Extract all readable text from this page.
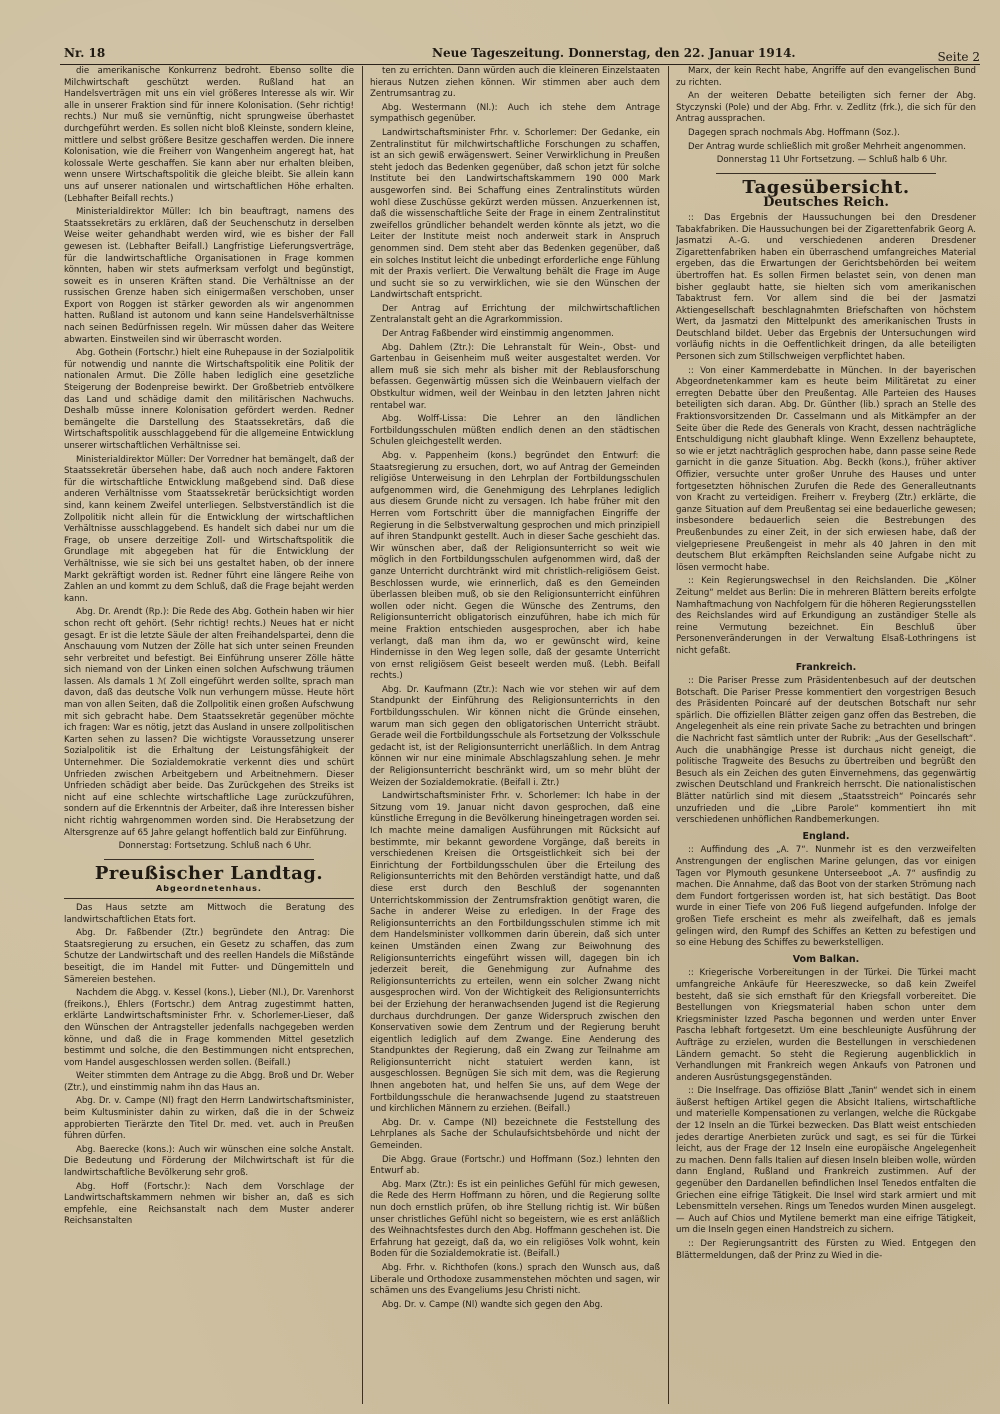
Nr. 18	Neue Tageszeitung. Donnerstag, den 22. Januar 1914.	Seite 2

die amerikanische Konkurrenz bedroht. Ebenso sollte die Milchwirtschaft geschützt werden. Rußland hat an Handelsverträgen mit uns ein viel größeres Interesse als wir. Wir alle in unserer Fraktion sind für innere Kolonisation. (Sehr richtig! rechts.) Nur muß sie vernünftig, nicht sprungweise überhastet durchgeführt werden. Es sollen nicht bloß Kleinste, sondern kleine, mittlere und selbst größere Besitze geschaffen werden. Die innere Kolonisation, wie die Freiherr von Wangenheim angeregt hat, hat kolossale Werte geschaffen. Sie kann aber nur erhalten bleiben, wenn unsere Wirtschaftspolitik die gleiche bleibt. Sie allein kann uns auf unserer nationalen und wirtschaftlichen Höhe erhalten. (Lebhafter Beifall rechts.)

Ministerialdirektor Müller: Ich bin beauftragt, namens des Staatssekretärs zu erklären, daß der Seuchenschutz in derselben Weise weiter gehandhabt werden wird, wie es bisher der Fall gewesen ist. (Lebhafter Beifall.) Langfristige Lieferungsverträge, für die landwirtschaftliche Organisationen in Frage kommen könnten, haben wir stets aufmerksam verfolgt und begünstigt, soweit es in unseren Kräften stand. Die Verhältnisse an der russischen Grenze haben sich einigermaßen verschoben, unser Export von Roggen ist stärker geworden als wir angenommen hatten. Rußland ist autonom und kann seine Handelsverhältnisse nach seinen Bedürfnissen regeln. Wir müssen daher das Weitere abwarten. Einstweilen sind wir überrascht worden.

Abg. Gothein (Fortschr.) hielt eine Ruhepause in der Sozialpolitik für notwendig und nannte die Wirtschaftspolitik eine Politik der nationalen Armut. Die Zölle haben lediglich eine gesetzliche Steigerung der Bodenpreise bewirkt. Der Großbetrieb entvölkere das Land und schädige damit den militärischen Nachwuchs. Deshalb müsse innere Kolonisation gefördert werden. Redner bemängelte die Darstellung des Staatssekretärs, daß die Wirtschaftspolitik ausschlaggebend für die allgemeine Entwicklung unserer wirtschaftlichen Verhältnisse sei.

Ministerialdirektor Müller: Der Vorredner hat bemängelt, daß der Staatssekretär übersehen habe, daß auch noch andere Faktoren für die wirtschaftliche Entwicklung maßgebend sind. Daß diese anderen Verhältnisse vom Staatssekretär berücksichtigt worden sind, kann keinem Zweifel unterliegen. Selbstverständlich ist die Zollpolitik nicht allein für die Entwicklung der wirtschaftlichen Verhältnisse ausschlaggebend. Es handelt sich dabei nur um die Frage, ob unsere derzeitige Zoll- und Wirtschaftspolitik die Grundlage mit abgegeben hat für die Entwicklung der Verhältnisse, wie sie sich bei uns gestaltet haben, ob der innere Markt gekräftigt worden ist. Redner führt eine längere Reihe von Zahlen an und kommt zu dem Schluß, daß die Frage bejaht werden kann.

Abg. Dr. Arendt (Rp.): Die Rede des Abg. Gothein haben wir hier schon recht oft gehört. (Sehr richtig! rechts.) Neues hat er nicht gesagt. Er ist die letzte Säule der alten Freihandelspartei, denn die Anschauung vom Nutzen der Zölle hat sich unter seinen Freunden sehr verbreitet und befestigt. Bei Einführung unserer Zölle hätte sich niemand von der Linken einen solchen Aufschwung träumen lassen. Als damals 1 ℳ Zoll eingeführt werden sollte, sprach man davon, daß das deutsche Volk nun verhungern müsse. Heute hört man von allen Seiten, daß die Zollpolitik einen großen Aufschwung mit sich gebracht habe. Dem Staatssekretär gegenüber möchte ich fragen: War es nötig, jetzt das Ausland in unsere zollpolitischen Karten sehen zu lassen? Die wichtigste Voraussetzung unserer Sozialpolitik ist die Erhaltung der Leistungsfähigkeit der Unternehmer. Die Sozialdemokratie verkennt dies und schürt Unfrieden zwischen Arbeitgebern und Arbeitnehmern. Dieser Unfrieden schädigt aber beide. Das Zurückgehen des Streiks ist nicht auf eine schlechte wirtschaftliche Lage zurückzuführen, sondern auf die Erkenntnis der Arbeiter, daß ihre Interessen bisher nicht richtig wahrgenommen worden sind. Die Herabsetzung der Altersgrenze auf 65 Jahre gelangt hoffentlich bald zur Einführung.

Donnerstag: Fortsetzung. Schluß nach 6 Uhr.

Preußischer Landtag.
Abgeordnetenhaus.

Das Haus setzte am Mittwoch die Beratung des landwirtschaftlichen Etats fort.

Abg. Dr. Faßbender (Ztr.) begründete den Antrag: Die Staatsregierung zu ersuchen, ein Gesetz zu schaffen, das zum Schutze der Landwirtschaft und des reellen Handels die Mißstände beseitigt, die im Handel mit Futter- und Düngemitteln und Sämereien bestehen.

Nachdem die Abgg. v. Kessel (kons.), Lieber (Nl.), Dr. Varenhorst (freikons.), Ehlers (Fortschr.) dem Antrag zugestimmt hatten, erklärte Landwirtschaftsminister Frhr. v. Schorlemer-Lieser, daß den Wünschen der Antragsteller jedenfalls nachgegeben werden könne, und daß die in Frage kommenden Mittel gesetzlich bestimmt und solche, die den Bestimmungen nicht entsprechen, vom Handel ausgeschlossen werden sollen. (Beifall.)

Weiter stimmten dem Antrage zu die Abgg. Broß und Dr. Weber (Ztr.), und einstimmig nahm ihn das Haus an.

Abg. Dr. v. Campe (Nl) fragt den Herrn Landwirtschaftsminister, beim Kultusminister dahin zu wirken, daß die in der Schweiz approbierten Tierärzte den Titel Dr. med. vet. auch in Preußen führen dürfen.

Abg. Baerecke (kons.): Auch wir wünschen eine solche Anstalt. Die Bedeutung und Förderung der Milchwirtschaft ist für die landwirtschaftliche Bevölkerung sehr groß.

Abg. Hoff (Fortschr.): Nach dem Vorschlage der Landwirtschaftskammern nehmen wir bisher an, daß es sich empfehle, eine Reichsanstalt nach dem Muster anderer Reichsanstalten

ten zu errichten. Dann würden auch die kleineren Einzelstaaten hieraus Nutzen ziehen können. Wir stimmen aber auch dem Zentrumsantrag zu.

Abg. Westermann (Nl.): Auch ich stehe dem Antrage sympathisch gegenüber.

Landwirtschaftsminister Frhr. v. Schorlemer: Der Gedanke, ein Zentralinstitut für milchwirtschaftliche Forschungen zu schaffen, ist an sich gewiß erwägenswert. Seiner Verwirklichung in Preußen steht jedoch das Bedenken gegenüber, daß schon jetzt für solche Institute bei den Landwirtschaftskammern 190 000 Mark ausgeworfen sind. Bei Schaffung eines Zentralinstituts würden wohl diese Zuschüsse gekürzt werden müssen. Anzuerkennen ist, daß die wissenschaftliche Seite der Frage in einem Zentralinstitut zweifellos gründlicher behandelt werden könnte als jetzt, wo die Leiter der Institute meist noch anderweit stark in Anspruch genommen sind. Dem steht aber das Bedenken gegenüber, daß ein solches Institut leicht die unbedingt erforderliche enge Fühlung mit der Praxis verliert. Die Verwaltung behält die Frage im Auge und sucht sie so zu verwirklichen, wie sie den Wünschen der Landwirtschaft entspricht.

Der Antrag auf Errichtung der milchwirtschaftlichen Zentralanstalt geht an die Agrarkommission.

Der Antrag Faßbender wird einstimmig angenommen.

Abg. Dahlem (Ztr.): Die Lehranstalt für Wein-, Obst- und Gartenbau in Geisenheim muß weiter ausgestaltet werden. Vor allem muß sie sich mehr als bisher mit der Reblausforschung befassen. Gegenwärtig müssen sich die Weinbauern vielfach der Obstkultur widmen, weil der Weinbau in den letzten Jahren nicht rentabel war.

Abg. Wolff-Lissa: Die Lehrer an den ländlichen Fortbildungsschulen müßten endlich denen an den städtischen Schulen gleichgestellt werden.

Abg. v. Pappenheim (kons.) begründet den Entwurf: die Staatsregierung zu ersuchen, dort, wo auf Antrag der Gemeinden religiöse Unterweisung in den Lehrplan der Fortbildungsschulen aufgenommen wird, die Genehmigung des Lehrplanes lediglich aus diesem Grunde nicht zu versagen. Ich habe früher mit den Herren vom Fortschritt über die mannigfachen Eingriffe der Regierung in die Selbstverwaltung gesprochen und mich prinzipiell auf ihren Standpunkt gestellt. Auch in dieser Sache geschieht das. Wir wünschen aber, daß der Religionsunterricht so weit wie möglich in den Fortbildungsschulen aufgenommen wird, daß der ganze Unterricht durchtränkt wird mit christlich-religiösem Geist. Beschlossen wurde, wie erinnerlich, daß es den Gemeinden überlassen bleiben muß, ob sie den Religionsunterricht einführen wollen oder nicht. Gegen die Wünsche des Zentrums, den Religionsunterricht obligatorisch einzuführen, habe ich mich für meine Fraktion entschieden ausgesprochen, aber ich habe verlangt, daß man ihm da, wo er gewünscht wird, keine Hindernisse in den Weg legen solle, daß der gesamte Unterricht von ernst religiösem Geist beseelt werden muß. (Lebh. Beifall rechts.)

Abg. Dr. Kaufmann (Ztr.): Nach wie vor stehen wir auf dem Standpunkt der Einführung des Religionsunterrichts in den Fortbildungsschulen. Wir können nicht die Gründe einsehen, warum man sich gegen den obligatorischen Unterricht sträubt. Gerade weil die Fortbildungsschule als Fortsetzung der Volksschule gedacht ist, ist der Religionsunterricht unerläßlich. In dem Antrag können wir nur eine minimale Abschlagszahlung sehen. Je mehr der Religionsunterricht beschränkt wird, um so mehr blüht der Weizen der Sozialdemokratie. (Beifall i. Ztr.)

Landwirtschaftsminister Frhr. v. Schorlemer: Ich habe in der Sitzung vom 19. Januar nicht davon gesprochen, daß eine künstliche Erregung in die Bevölkerung hineingetragen worden sei. Ich machte meine damaligen Ausführungen mit Rücksicht auf bestimmte, mir bekannt gewordene Vorgänge, daß bereits in verschiedenen Kreisen die Ortsgeistlichkeit sich bei der Einrichtung der Fortbildungsschulen über die Erteilung des Religionsunterrichts mit den Behörden verständigt hatte, und daß diese erst durch den Beschluß der sogenannten Unterrichtskommission der Zentrumsfraktion genötigt waren, die Sache in anderer Weise zu erledigen. In der Frage des Religionsunterrichts an den Fortbildungsschulen stimme ich mit dem Handelsminister vollkommen darin überein, daß sich unter keinen Umständen einen Zwang zur Beiwohnung des Religionsunterrichts eingeführt wissen will, dagegen bin ich jederzeit bereit, die Genehmigung zur Aufnahme des Religionsunterrichts zu erteilen, wenn ein solcher Zwang nicht ausgesprochen wird. Von der Wichtigkeit des Religionsunterrichts bei der Erziehung der heranwachsenden Jugend ist die Regierung durchaus durchdrungen. Der ganze Widerspruch zwischen den Konservativen sowie dem Zentrum und der Regierung beruht eigentlich lediglich auf dem Zwange. Eine Aenderung des Standpunktes der Regierung, daß ein Zwang zur Teilnahme am Religionsunterricht nicht statuiert werden kann, ist ausgeschlossen. Begnügen Sie sich mit dem, was die Regierung Ihnen angeboten hat, und helfen Sie uns, auf dem Wege der Fortbildungsschule die heranwachsende Jugend zu staatstreuen und kirchlichen Männern zu erziehen. (Beifall.)

Abg. Dr. v. Campe (Nl) bezeichnete die Feststellung des Lehrplanes als Sache der Schulaufsichtsbehörde und nicht der Gemeinden.

Die Abgg. Graue (Fortschr.) und Hoffmann (Soz.) lehnten den Entwurf ab.

Abg. Marx (Ztr.): Es ist ein peinliches Gefühl für mich gewesen, die Rede des Herrn Hoffmann zu hören, und die Regierung sollte nun doch ernstlich prüfen, ob ihre Stellung richtig ist. Wir büßen unser christliches Gefühl nicht so begeistern, wie es erst anläßlich des Weihnachtsfestes durch den Abg. Hoffmann geschehen ist. Die Erfahrung hat gezeigt, daß da, wo ein religiöses Volk wohnt, kein Boden für die Sozialdemokratie ist. (Beifall.)

Abg. Frhr. v. Richthofen (kons.) sprach den Wunsch aus, daß Liberale und Orthodoxe zusammenstehen möchten und sagen, wir schämen uns des Evangeliums Jesu Christi nicht.

Abg. Dr. v. Campe (Nl) wandte sich gegen den Abg.

Marx, der kein Recht habe, Angriffe auf den evangelischen Bund zu richten.

An der weiteren Debatte beteiligten sich ferner der Abg. Styczynski (Pole) und der Abg. Frhr. v. Zedlitz (frk.), die sich für den Antrag aussprachen.

Dagegen sprach nochmals Abg. Hoffmann (Soz.).

Der Antrag wurde schließlich mit großer Mehrheit angenommen.

Donnerstag 11 Uhr Fortsetzung. — Schluß halb 6 Uhr.

Tagesübersicht.
Deutsches Reich.

:: Das Ergebnis der Haussuchungen bei den Dresdener Tabakfabriken. Die Haussuchungen bei der Zigarettenfabrik Georg A. Jasmatzi A.-G. und verschiedenen anderen Dresdener Zigarettenfabriken haben ein überraschend umfangreiches Material ergeben, das die Erwartungen der Gerichtsbehörden bei weitem übertroffen hat. Es sollen Firmen belastet sein, von denen man bisher geglaubt hatte, sie hielten sich vom amerikanischen Tabaktrust fern. Vor allem sind die bei der Jasmatzi Aktiengesellschaft beschlagnahmten Briefschaften von höchstem Wert, da Jasmatzi den Mittelpunkt des amerikanischen Trusts in Deutschland bildet. Ueber das Ergebnis der Untersuchungen wird vorläufig nichts in die Oeffentlichkeit dringen, da alle beteiligten Personen sich zum Stillschweigen verpflichtet haben.

:: Von einer Kammerdebatte in München. In der bayerischen Abgeordnetenkammer kam es heute beim Militäretat zu einer erregten Debatte über den Preußentag. Alle Parteien des Hauses beteiligten sich daran. Abg. Dr. Günther (lib.) sprach an Stelle des Fraktionsvorsitzenden Dr. Casselmann und als Mitkämpfer an der Seite über die Rede des Generals von Kracht, dessen nachträgliche Entschuldigung nicht glaubhaft klinge. Wenn Exzellenz behauptete, so wie er jetzt nachträglich gesprochen habe, dann passe seine Rede garnicht in die ganze Situation. Abg. Beckh (kons.), früher aktiver Offizier, versuchte unter großer Unruhe des Hauses und unter fortgesetzten höhnischen Zurufen die Rede des Generalleutnants von Kracht zu verteidigen. Freiherr v. Freyberg (Ztr.) erklärte, die ganze Situation auf dem Preußentag sei eine bedauerliche gewesen; insbesondere bedauerlich seien die Bestrebungen des Preußenbundes zu einer Zeit, in der sich erwiesen habe, daß der vielgepriesene Preußengeist in mehr als 40 Jahren in den mit deutschem Blut erkämpften Reichslanden seine Aufgabe nicht zu lösen vermocht habe.

:: Kein Regierungswechsel in den Reichslanden. Die „Kölner Zeitung“ meldet aus Berlin: Die in mehreren Blättern bereits erfolgte Namhaftmachung von Nachfolgern für die höheren Regierungsstellen des Reichslandes wird auf Erkundigung an zuständiger Stelle als reine Vermutung bezeichnet. Ein Beschluß über Personenveränderungen in der Verwaltung Elsaß-Lothringens ist nicht gefaßt.

Frankreich.

:: Die Pariser Presse zum Präsidentenbesuch auf der deutschen Botschaft. Die Pariser Presse kommentiert den vorgestrigen Besuch des Präsidenten Poincaré auf der deutschen Botschaft nur sehr spärlich. Die offiziellen Blätter zeigen ganz offen das Bestreben, die Angelegenheit als eine rein private Sache zu betrachten und bringen die Nachricht fast sämtlich unter der Rubrik: „Aus der Gesellschaft“. Auch die unabhängige Presse ist durchaus nicht geneigt, die politische Tragweite des Besuchs zu übertreiben und begrüßt den Besuch als ein Zeichen des guten Einvernehmens, das gegenwärtig zwischen Deutschland und Frankreich herrscht. Die nationalistischen Blätter natürlich sind mit diesem „Staatsstreich“ Poincarés sehr unzufrieden und die „Libre Parole“ kommentiert ihn mit verschiedenen unhöflichen Randbemerkungen.

England.

:: Auffindung des „A. 7“. Nunmehr ist es den verzweifelten Anstrengungen der englischen Marine gelungen, das vor einigen Tagen vor Plymouth gesunkene Unterseeboot „A. 7“ ausfindig zu machen. Die Annahme, daß das Boot von der starken Strömung nach dem Fundort fortgerissen worden ist, hat sich bestätigt. Das Boot wurde in einer Tiefe von 206 Fuß liegend aufgefunden. Infolge der großen Tiefe erscheint es mehr als zweifelhaft, daß es jemals gelingen wird, den Rumpf des Schiffes an Ketten zu befestigen und so eine Hebung des Schiffes zu bewerkstelligen.

Vom Balkan.

:: Kriegerische Vorbereitungen in der Türkei. Die Türkei macht umfangreiche Ankäufe für Heereszwecke, so daß kein Zweifel besteht, daß sie sich ernsthaft für den Kriegsfall vorbereitet. Die Bestellungen von Kriegsmaterial haben schon unter dem Kriegsminister Izzed Pascha begonnen und werden unter Enver Pascha lebhaft fortgesetzt. Um eine beschleunigte Ausführung der Aufträge zu erzielen, wurden die Bestellungen in verschiedenen Ländern gemacht. So steht die Regierung augenblicklich in Verhandlungen mit Frankreich wegen Ankaufs von Patronen und anderen Ausrüstungsgegenständen.

:: Die Inselfrage. Das offiziöse Blatt „Tanin“ wendet sich in einem äußerst heftigen Artikel gegen die Absicht Italiens, wirtschaftliche und materielle Kompensationen zu verlangen, welche die Rückgabe der 12 Inseln an die Türkei bezwecken. Das Blatt weist entschieden jedes derartige Anerbieten zurück und sagt, es sei für die Türkei leicht, aus der Frage der 12 Inseln eine europäische Angelegenheit zu machen. Denn falls Italien auf diesen Inseln bleiben wolle, würden dann England, Rußland und Frankreich zustimmen. Auf der gegenüber den Dardanellen befindlichen Insel Tenedos entfalten die Griechen eine eifrige Tätigkeit. Die Insel wird stark armiert und mit Lebensmitteln versehen. Rings um Tenedos wurden Minen ausgelegt. — Auch auf Chios und Mytilene bemerkt man eine eifrige Tätigkeit, um die Inseln gegen einen Handstreich zu sichern.

:: Der Regierungsantritt des Fürsten zu Wied. Entgegen den Blättermeldungen, daß der Prinz zu Wied in die-
